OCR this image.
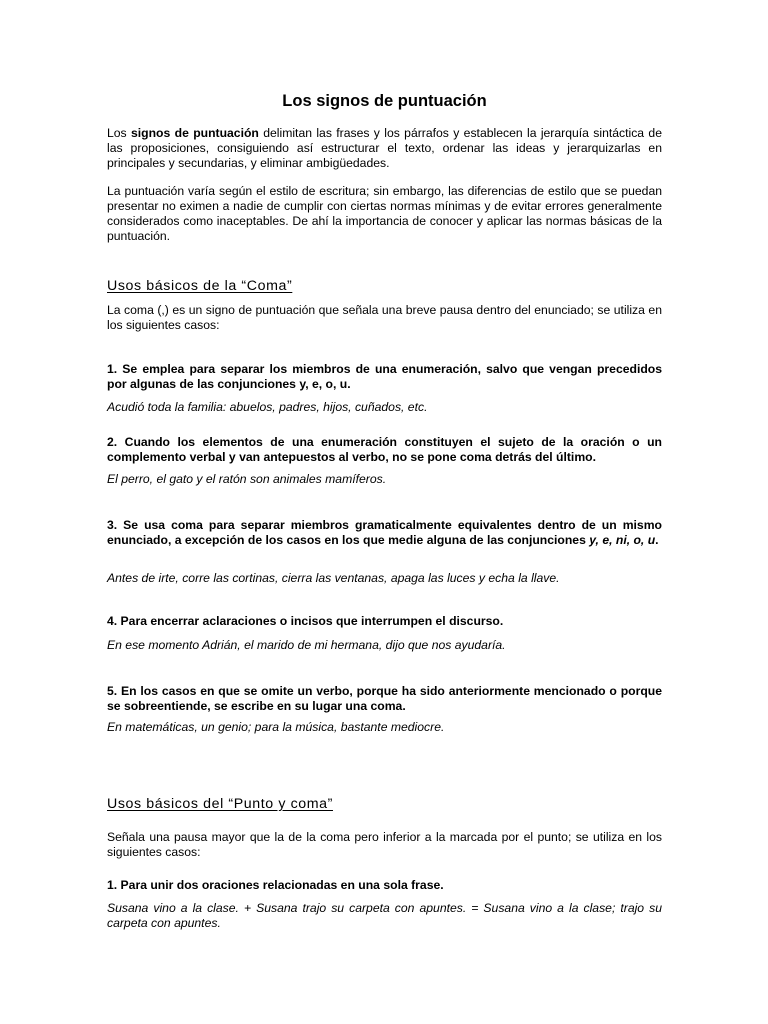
Los signos de puntuación

Los signos de puntuación delimitan las frases y los párrafos y establecen la jerarquía sintáctica de las proposiciones, consiguiendo así estructurar el texto, ordenar las ideas y jerarquizarlas en principales y secundarias, y eliminar ambigüedades.

La puntuación varía según el estilo de escritura; sin embargo, las diferencias de estilo que se puedan presentar no eximen a nadie de cumplir con ciertas normas mínimas y de evitar errores generalmente considerados como inaceptables. De ahí la importancia de conocer y aplicar las normas básicas de la puntuación.

Usos básicos de la “Coma”

La coma (,) es un signo de puntuación que señala una breve pausa dentro del enunciado; se utiliza en los siguientes casos:

1. Se emplea para separar los miembros de una enumeración, salvo que vengan precedidos por algunas de las conjunciones y, e, o, u.

Acudió toda la familia: abuelos, padres, hijos, cuñados, etc.

2. Cuando los elementos de una enumeración constituyen el sujeto de la oración o un complemento verbal y van antepuestos al verbo, no se pone coma detrás del último.

El perro, el gato y el ratón son animales mamíferos.

3. Se usa coma para separar miembros gramaticalmente equivalentes dentro de un mismo enunciado, a excepción de los casos en los que medie alguna de las conjunciones y, e, ni, o, u.

Antes de irte, corre las cortinas, cierra las ventanas, apaga las luces y echa la llave.

4. Para encerrar aclaraciones o incisos que interrumpen el discurso.

En ese momento Adrián, el marido de mi hermana, dijo que nos ayudaría.

5. En los casos en que se omite un verbo, porque ha sido anteriormente mencionado o porque se sobreentiende, se escribe en su lugar una coma.

En matemáticas, un genio; para la música, bastante mediocre.

Usos básicos del “Punto y coma”

Señala una pausa mayor que la de la coma pero inferior a la marcada por el punto; se utiliza en los siguientes casos:

1. Para unir dos oraciones relacionadas en una sola frase.

Susana vino a la clase. + Susana trajo su carpeta con apuntes. = Susana vino a la clase; trajo su carpeta con apuntes.
